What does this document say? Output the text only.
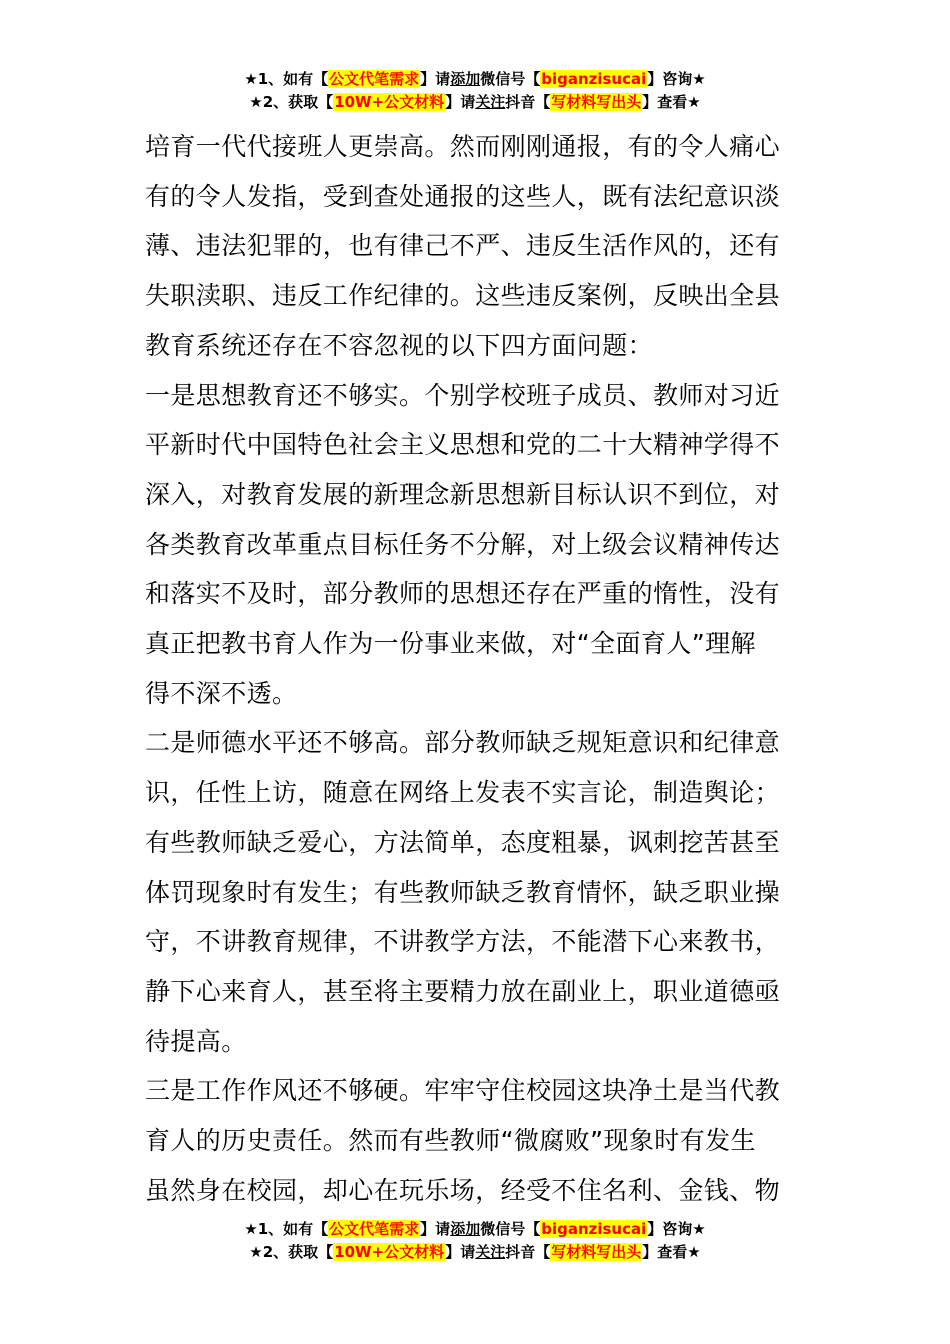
★1、如有【公文代笔需求】请添加微信号【biganzisucai】咨询★
★2、获取【10W+公文材料】请关注抖音【写材料写出头】查看★

培育一代代接班人更崇高。然而刚刚通报，有的令人痛心

有的令人发指，受到查处通报的这些人，既有法纪意识淡

薄、违法犯罪的，也有律己不严、违反生活作风的，还有

失职渎职、违反工作纪律的。这些违反案例，反映出全县

教育系统还存在不容忽视的以下四方面问题：

一是思想教育还不够实。个别学校班子成员、教师对习近

平新时代中国特色社会主义思想和党的二十大精神学得不

深入，对教育发展的新理念新思想新目标认识不到位，对

各类教育改革重点目标任务不分解，对上级会议精神传达

和落实不及时，部分教师的思想还存在严重的惰性，没有

真正把教书育人作为一份事业来做，对“全面育人”理解

得不深不透。

二是师德水平还不够高。部分教师缺乏规矩意识和纪律意

识，任性上访，随意在网络上发表不实言论，制造舆论；

有些教师缺乏爱心，方法简单，态度粗暴，讽刺挖苦甚至

体罚现象时有发生；有些教师缺乏教育情怀，缺乏职业操

守，不讲教育规律，不讲教学方法，不能潜下心来教书，

静下心来育人，甚至将主要精力放在副业上，职业道德亟

待提高。

三是工作作风还不够硬。牢牢守住校园这块净土是当代教

育人的历史责任。然而有些教师“微腐败”现象时有发生

虽然身在校园，却心在玩乐场，经受不住名利、金钱、物

★1、如有【公文代笔需求】请添加微信号【biganzisucai】咨询★
★2、获取【10W+公文材料】请关注抖音【写材料写出头】查看★
